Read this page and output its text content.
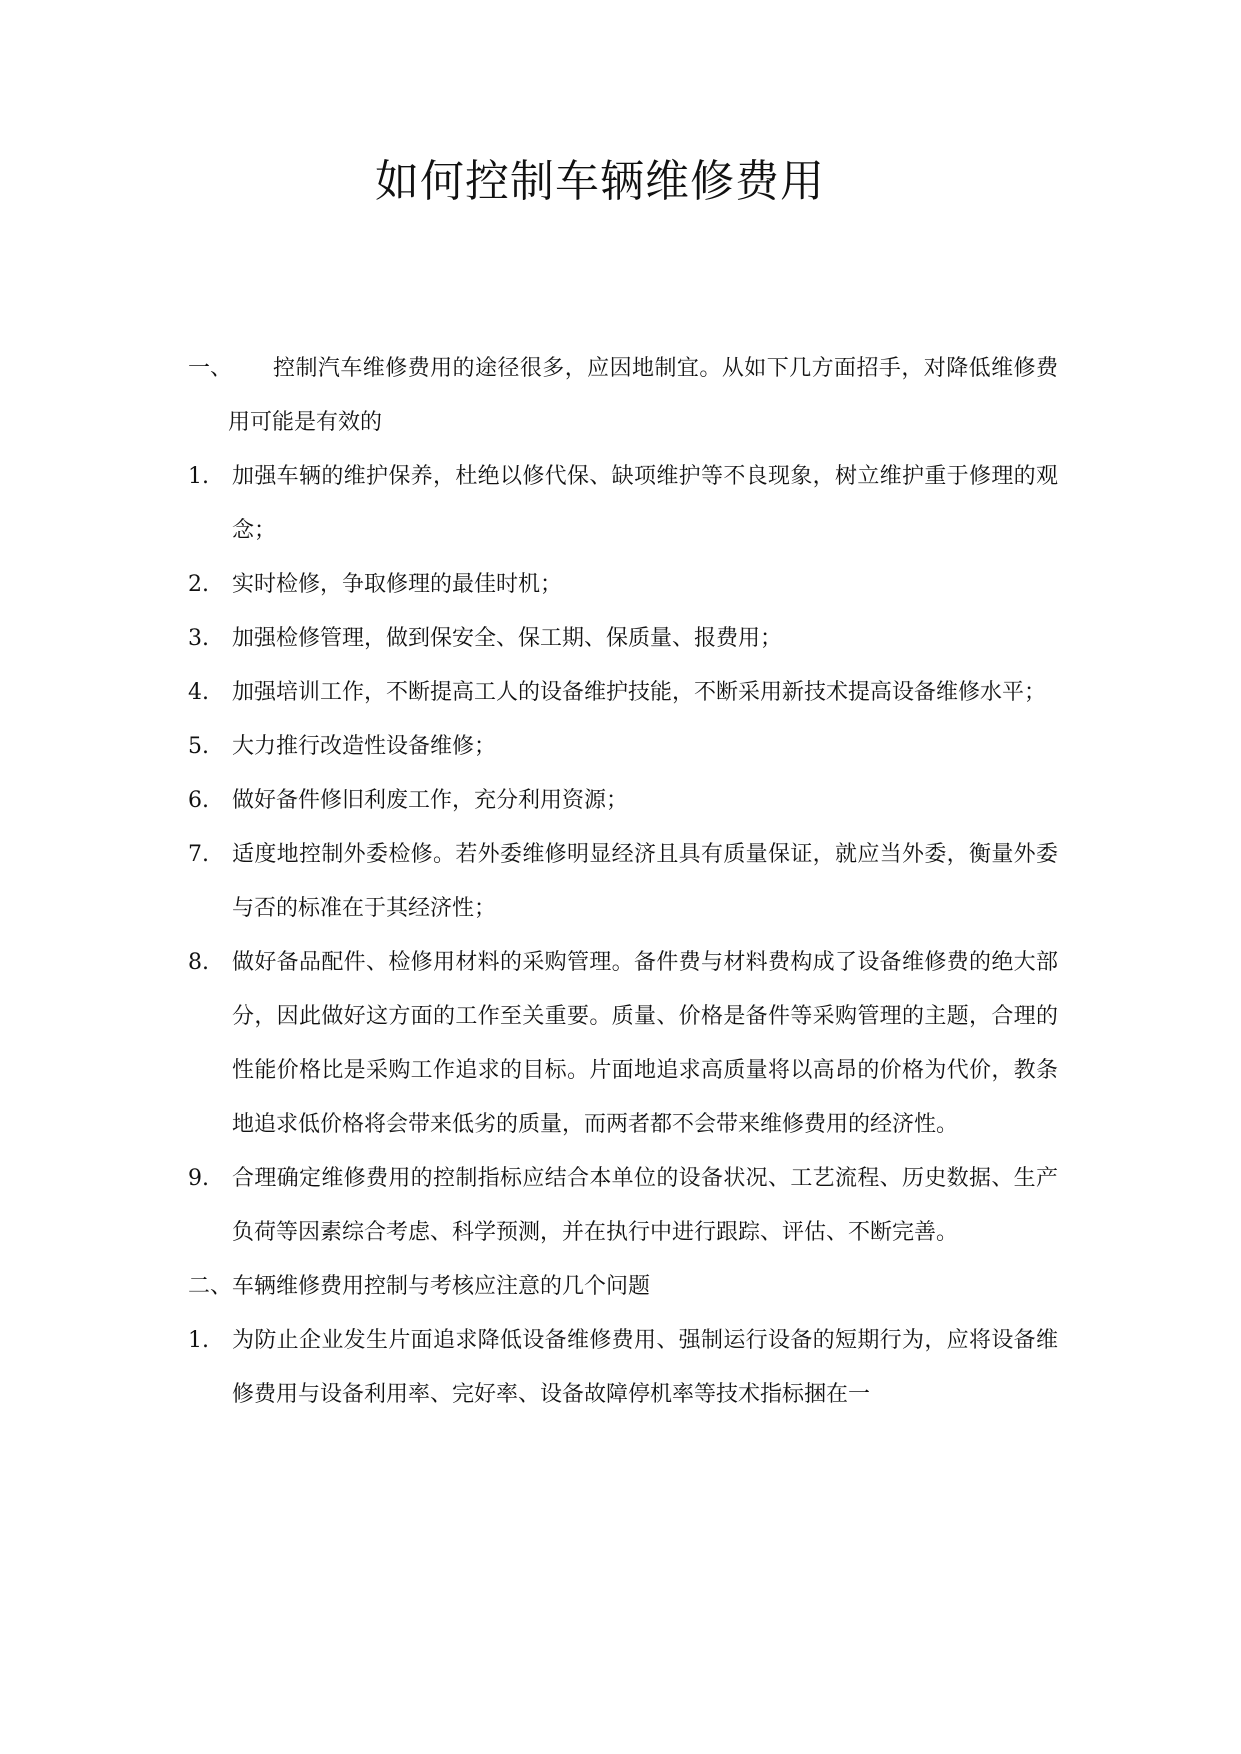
如何控制车辆维修费用
一、	控制汽车维修费用的途径很多，应因地制宜。从如下几方面招手，对降低维修费用可能是有效的
1.	加强车辆的维护保养，杜绝以修代保、缺项维护等不良现象，树立维护重于修理的观念；
2.	实时检修，争取修理的最佳时机；
3.	加强检修管理，做到保安全、保工期、保质量、报费用；
4.	加强培训工作，不断提高工人的设备维护技能，不断采用新技术提高设备维修水平；
5.	大力推行改造性设备维修；
6.	做好备件修旧利废工作，充分利用资源；
7.	适度地控制外委检修。若外委维修明显经济且具有质量保证，就应当外委，衡量外委与否的标准在于其经济性；
8.	做好备品配件、检修用材料的采购管理。备件费与材料费构成了设备维修费的绝大部分，因此做好这方面的工作至关重要。质量、价格是备件等采购管理的主题，合理的性能价格比是采购工作追求的目标。片面地追求高质量将以高昂的价格为代价，教条地追求低价格将会带来低劣的质量，而两者都不会带来维修费用的经济性。
9.	合理确定维修费用的控制指标应结合本单位的设备状况、工艺流程、历史数据、生产负荷等因素综合考虑、科学预测，并在执行中进行跟踪、评估、不断完善。
二、车辆维修费用控制与考核应注意的几个问题
1.	为防止企业发生片面追求降低设备维修费用、强制运行设备的短期行为，应将设备维修费用与设备利用率、完好率、设备故障停机率等技术指标捆在一
